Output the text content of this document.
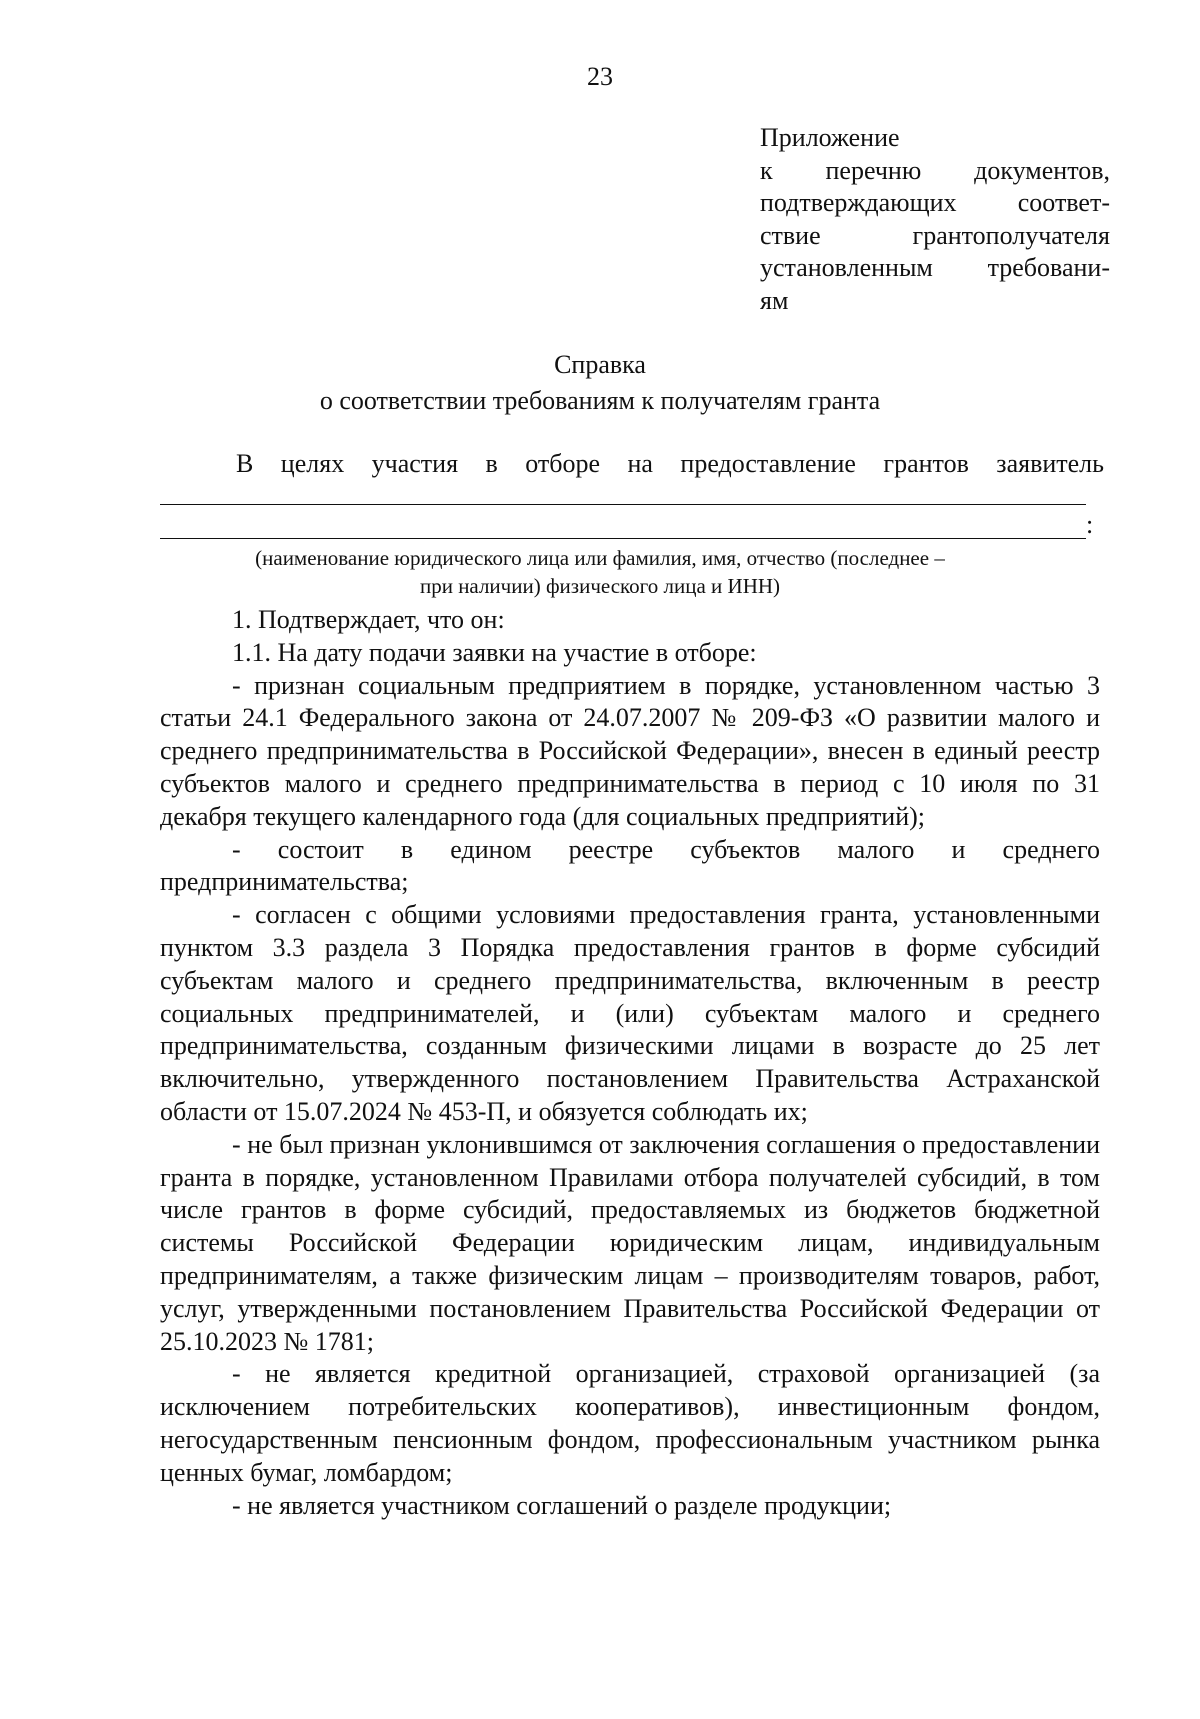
23
Приложение
к перечню документов,
подтверждающих соответ-
ствие грантополучателя
установленным требовани-
ям
Справка
о соответствии требованиям к получателям гранта
В целях участия в отборе на предоставление грантов заявитель
:
(наименование юридического лица или фамилия, имя, отчество (последнее –
при наличии) физического лица и ИНН)

1. Подтверждает, что он:

1.1. На дату подачи заявки на участие в отборе:

- признан социальным предприятием в порядке, установленном частью 3 статьи 24.1 Федерального закона от 24.07.2007 № 209-ФЗ «О развитии малого и среднего предпринимательства в Российской Федерации», внесен в единый реестр субъектов малого и среднего предпринимательства в период с 10 июля по 31 декабря текущего календарного года (для социальных предприятий);

- состоит в едином реестре субъектов малого и среднего предпринимательства;

- согласен с общими условиями предоставления гранта, установленными пунктом 3.3 раздела 3 Порядка предоставления грантов в форме субсидий субъектам малого и среднего предпринимательства, включенным в реестр социальных предпринимателей, и (или) субъектам малого и среднего предпринимательства, созданным физическими лицами в возрасте до 25 лет включительно, утвержденного постановлением Правительства Астраханской области от 15.07.2024 № 453-П, и обязуется соблюдать их;

- не был признан уклонившимся от заключения соглашения о предоставлении гранта в порядке, установленном Правилами отбора получателей субсидий, в том числе грантов в форме субсидий, предоставляемых из бюджетов бюджетной системы Российской Федерации юридическим лицам, индивидуальным предпринимателям, а также физическим лицам – производителям товаров, работ, услуг, утвержденными постановлением Правительства Российской Федерации от 25.10.2023 № 1781;

- не является кредитной организацией, страховой организацией (за исключением потребительских кооперативов), инвестиционным фондом, негосударственным пенсионным фондом, профессиональным участником рынка ценных бумаг, ломбардом;

- не является участником соглашений о разделе продукции;
